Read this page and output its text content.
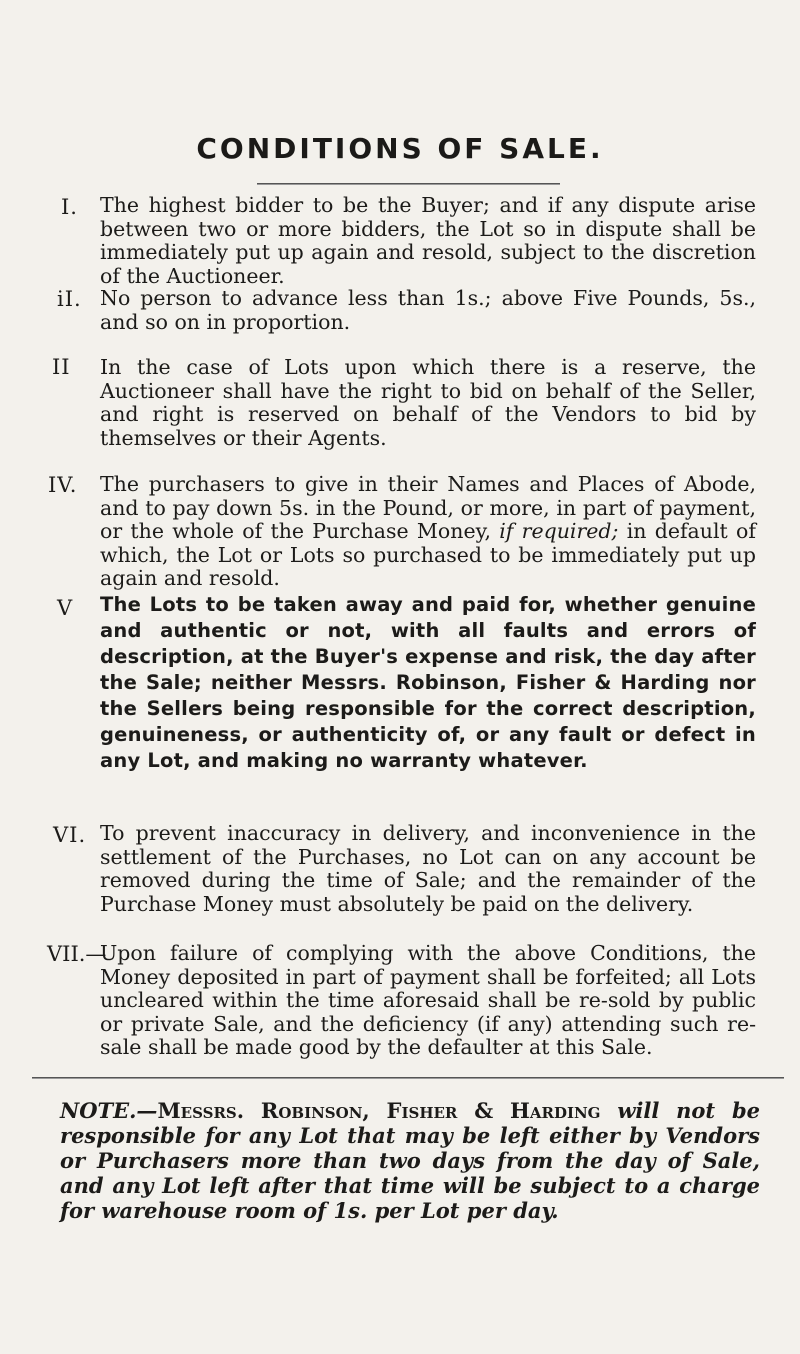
CONDITIONS OF SALE.
I. The highest bidder to be the Buyer; and if any dispute arise between two or more bidders, the Lot so in dispute shall be immediately put up again and resold, subject to the discretion of the Auctioneer.
iI. No person to advance less than 1s.; above Five Pounds, 5s., and so on in proportion.
II In the case of Lots upon which there is a reserve, the Auctioneer shall have the right to bid on behalf of the Seller, and right is reserved on behalf of the Vendors to bid by themselves or their Agents.
IV. The purchasers to give in their Names and Places of Abode, and to pay down 5s. in the Pound, or more, in part of payment, or the whole of the Purchase Money, if required; in default of which, the Lot or Lots so purchased to be immediately put up again and resold.
V The Lots to be taken away and paid for, whether genuine and authentic or not, with all faults and errors of description, at the Buyer's expense and risk, the day after the Sale; neither Messrs. Robinson, Fisher & Harding nor the Sellers being responsible for the correct description, genuineness, or authenticity of, or any fault or defect in any Lot, and making no warranty whatever.
VI. To prevent inaccuracy in delivery, and inconvenience in the settlement of the Purchases, no Lot can on any account be removed during the time of Sale; and the remainder of the Purchase Money must absolutely be paid on the delivery.
VII.—
Upon failure of complying with the above Conditions, the Money deposited in part of payment shall be forfeited; all Lots uncleared within the time aforesaid shall be re-sold by public or private Sale, and the deficiency (if any) attending such re-sale shall be made good by the defaulter at this Sale.
NOTE.—Messrs. Robinson, Fisher & Harding will not be responsible for any Lot that may be left either by Vendors or Purchasers more than two days from the day of Sale, and any Lot left after that time will be subject to a charge for warehouse room of 1s. per Lot per day.
